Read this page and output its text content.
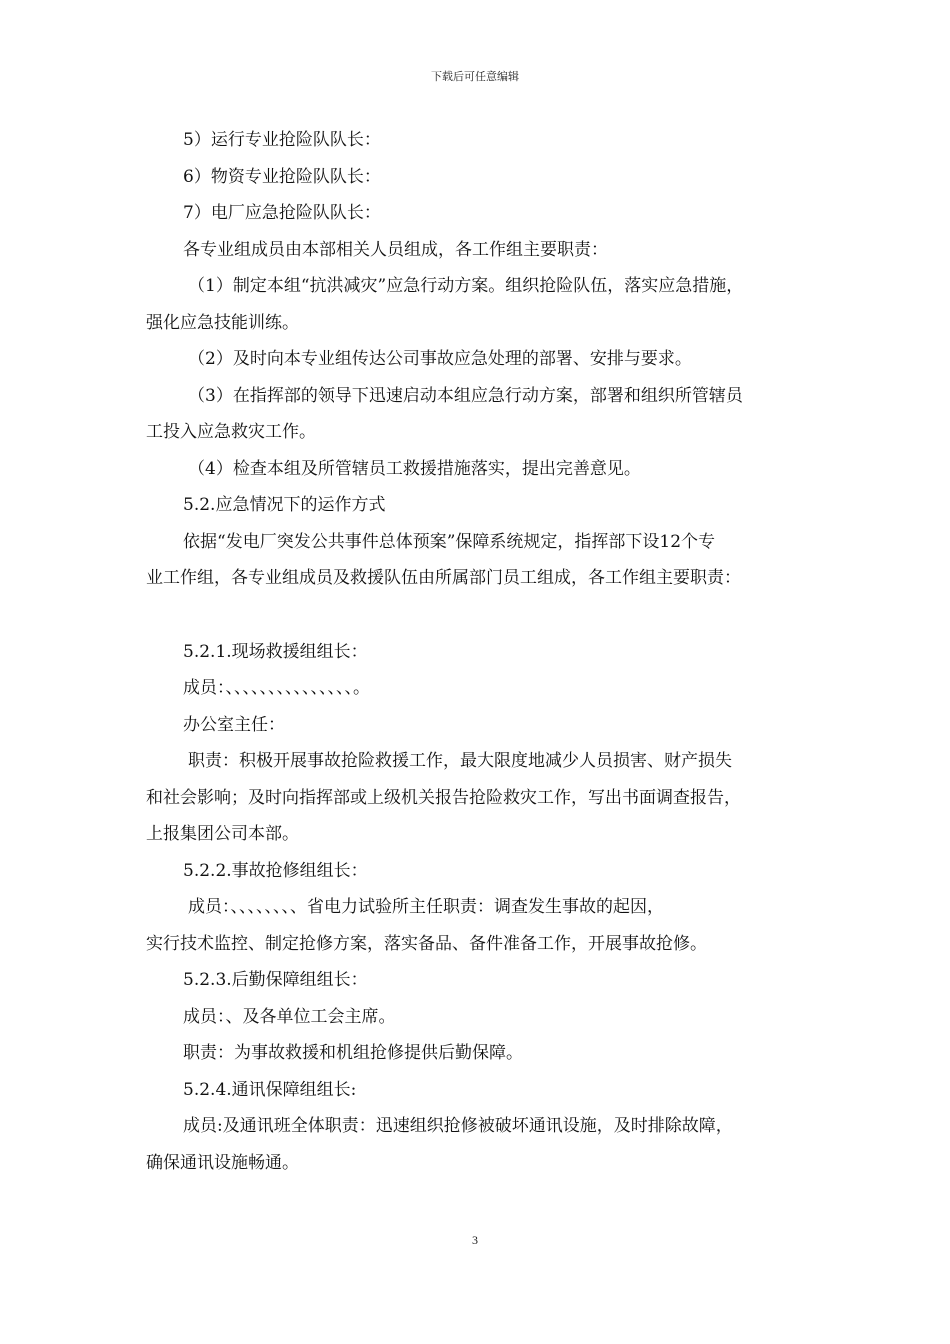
下载后可任意编辑
5）运行专业抢险队队长：
6）物资专业抢险队队长：
7）电厂应急抢险队队长：
各专业组成员由本部相关人员组成，各工作组主要职责：
（1）制定本组“抗洪减灾”应急行动方案。组织抢险队伍，落实应急措施，
强化应急技能训练。
（2）及时向本专业组传达公司事故应急处理的部署、安排与要求。
（3）在指挥部的领导下迅速启动本组应急行动方案，部署和组织所管辖员
工投入应急救灾工作。
（4）检查本组及所管辖员工救援措施落实，提出完善意见。
5.2.应急情况下的运作方式
依据“发电厂突发公共事件总体预案”保障系统规定，指挥部下设12个专
业工作组，各专业组成员及救援队伍由所属部门员工组成，各工作组主要职责：
5.2.1.现场救援组组长：
成员：、、、、、、、、、、、、、、、。
办公室主任：
职责：积极开展事故抢险救援工作，最大限度地减少人员损害、财产损失
和社会影响；及时向指挥部或上级机关报告抢险救灾工作，写出书面调查报告，
上报集团公司本部。
5.2.2.事故抢修组组长：
成员：、、、、、、、、省电力试验所主任职责：调查发生事故的起因，
实行技术监控、制定抢修方案，落实备品、备件准备工作，开展事故抢修。
5.2.3.后勤保障组组长：
成员：、及各单位工会主席。
职责：为事故救援和机组抢修提供后勤保障。
5.2.4.通讯保障组组长:
成员:及通讯班全体职责：迅速组织抢修被破坏通讯设施，及时排除故障，
确保通讯设施畅通。
3
